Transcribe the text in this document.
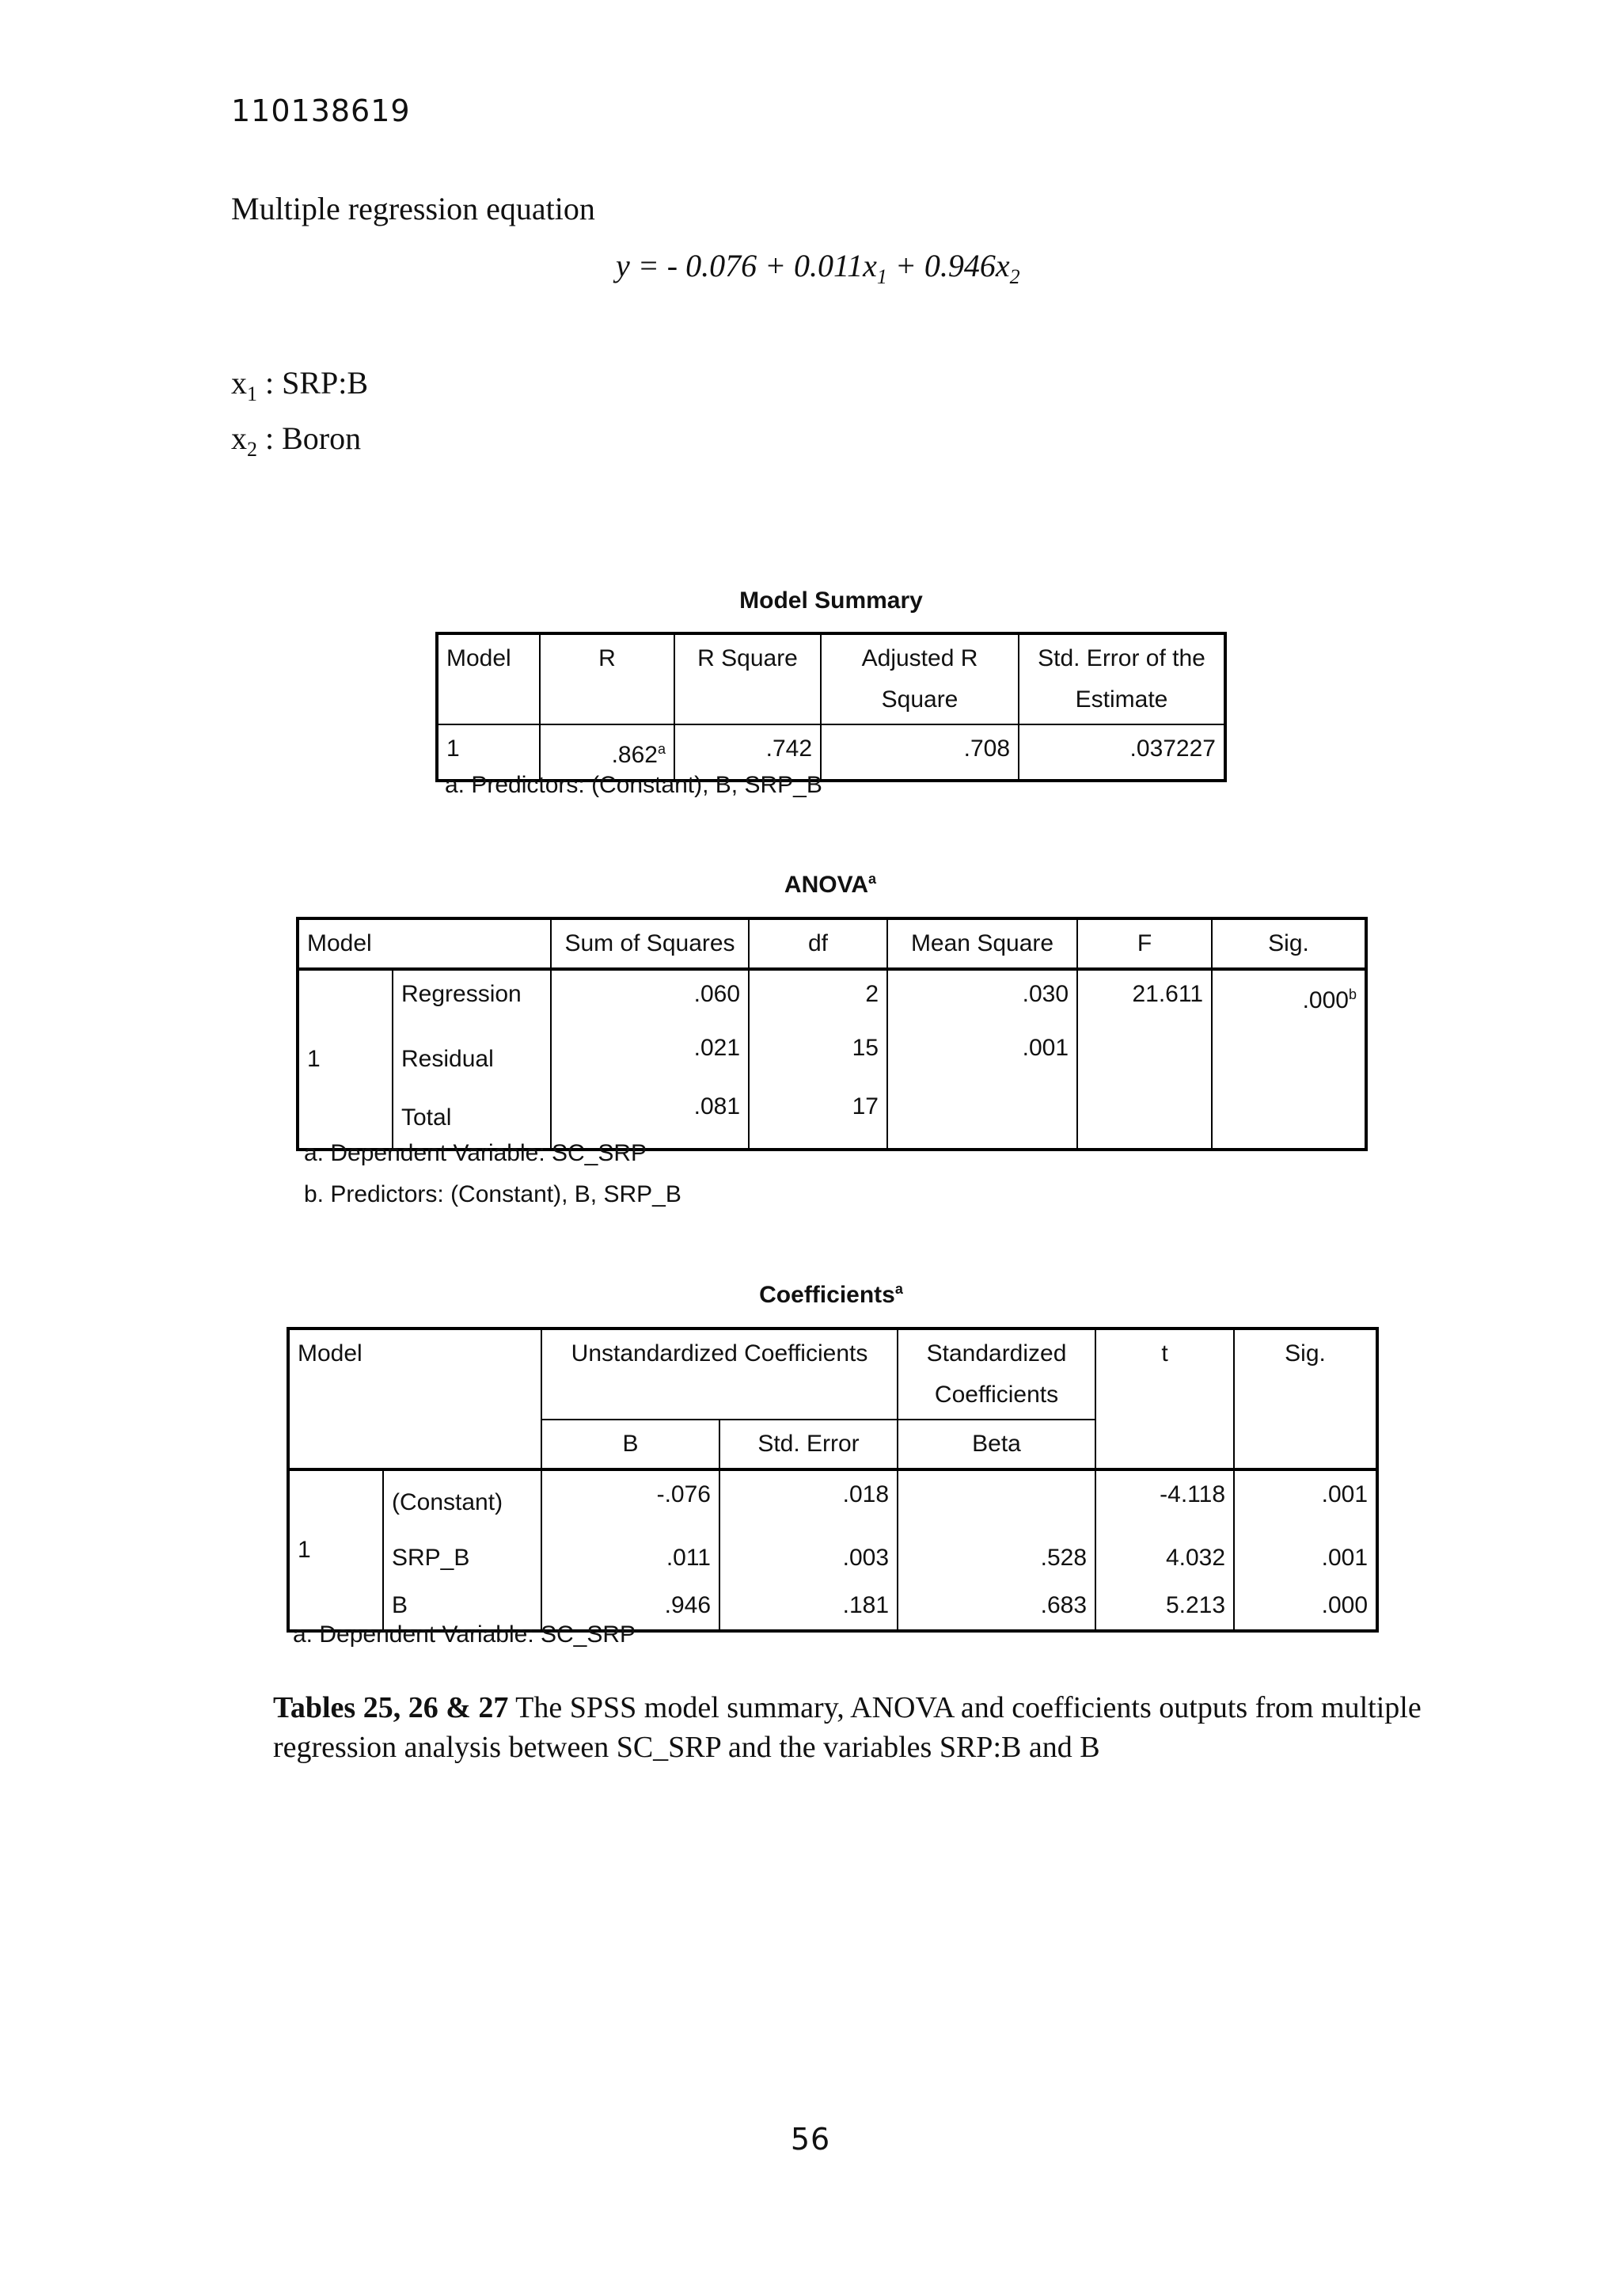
110138619
Multiple regression equation
y = - $0.076 + 0.011x_1 + 0.946x_2$
$x_1$ : SRP:B
$x_2$ : Boron
Model Summary
Model	R	R Square	Adjusted R Square	Std. Error of the Estimate
1	.862$^a$	.742	.708	.037227
a. Predictors: (Constant), B, SRP_B
ANOVA$^a$
Model		Sum of Squares	df	Mean Square	F	Sig.
1	Regression	.060	2	.030	21.611	.000$^b$
	Residual	.021	15	.001		
	Total	.081	17			
a. Dependent Variable: SC_SRP
b. Predictors: (Constant), B, SRP_B
Coefficients$^a$
Model		Unstandardized Coefficients		Standardized Coefficients	t	Sig.
		B	Std. Error	Beta		
1	(Constant)	-.076	.018		-4.118	.001
	SRP_B	.011	.003	.528	4.032	.001
	B	.946	.181	.683	5.213	.000
a. Dependent Variable: SC_SRP
Tables 25, 26 & 27 The SPSS model summary, ANOVA and coefficients outputs from multiple regression analysis between SC_SRP and the variables SRP:B and B
56
